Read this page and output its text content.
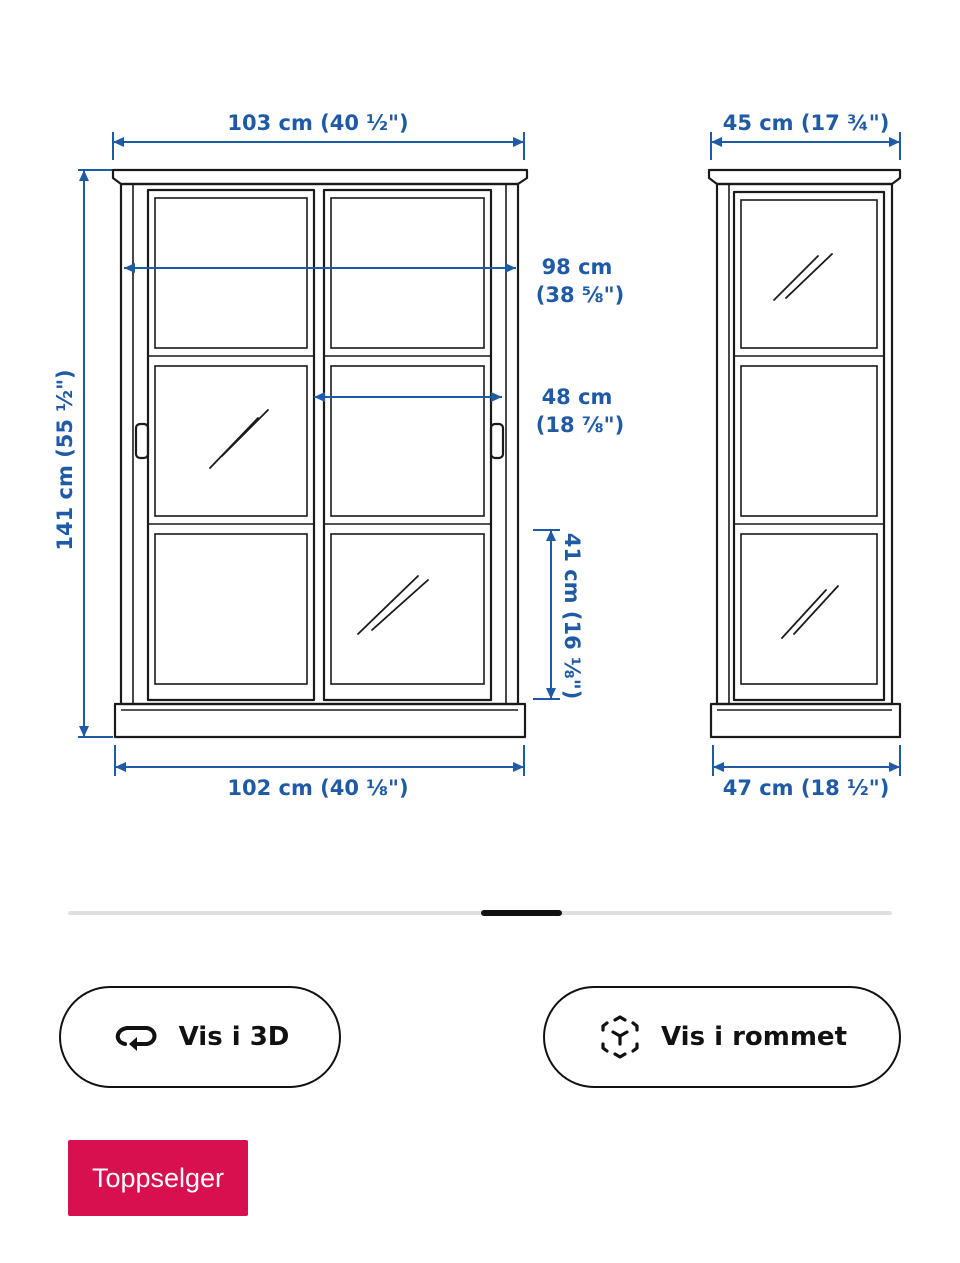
103 cm (40 ½")
141 cm (55 ½")
102 cm (40 ⅛")
98 cm
(38 ⅝")
48 cm
(18 ⅞")
41 cm (16 ⅛")
45 cm (17 ¾")
47 cm (18 ½")
Vis i 3D	Vis i rommet
Toppselger
